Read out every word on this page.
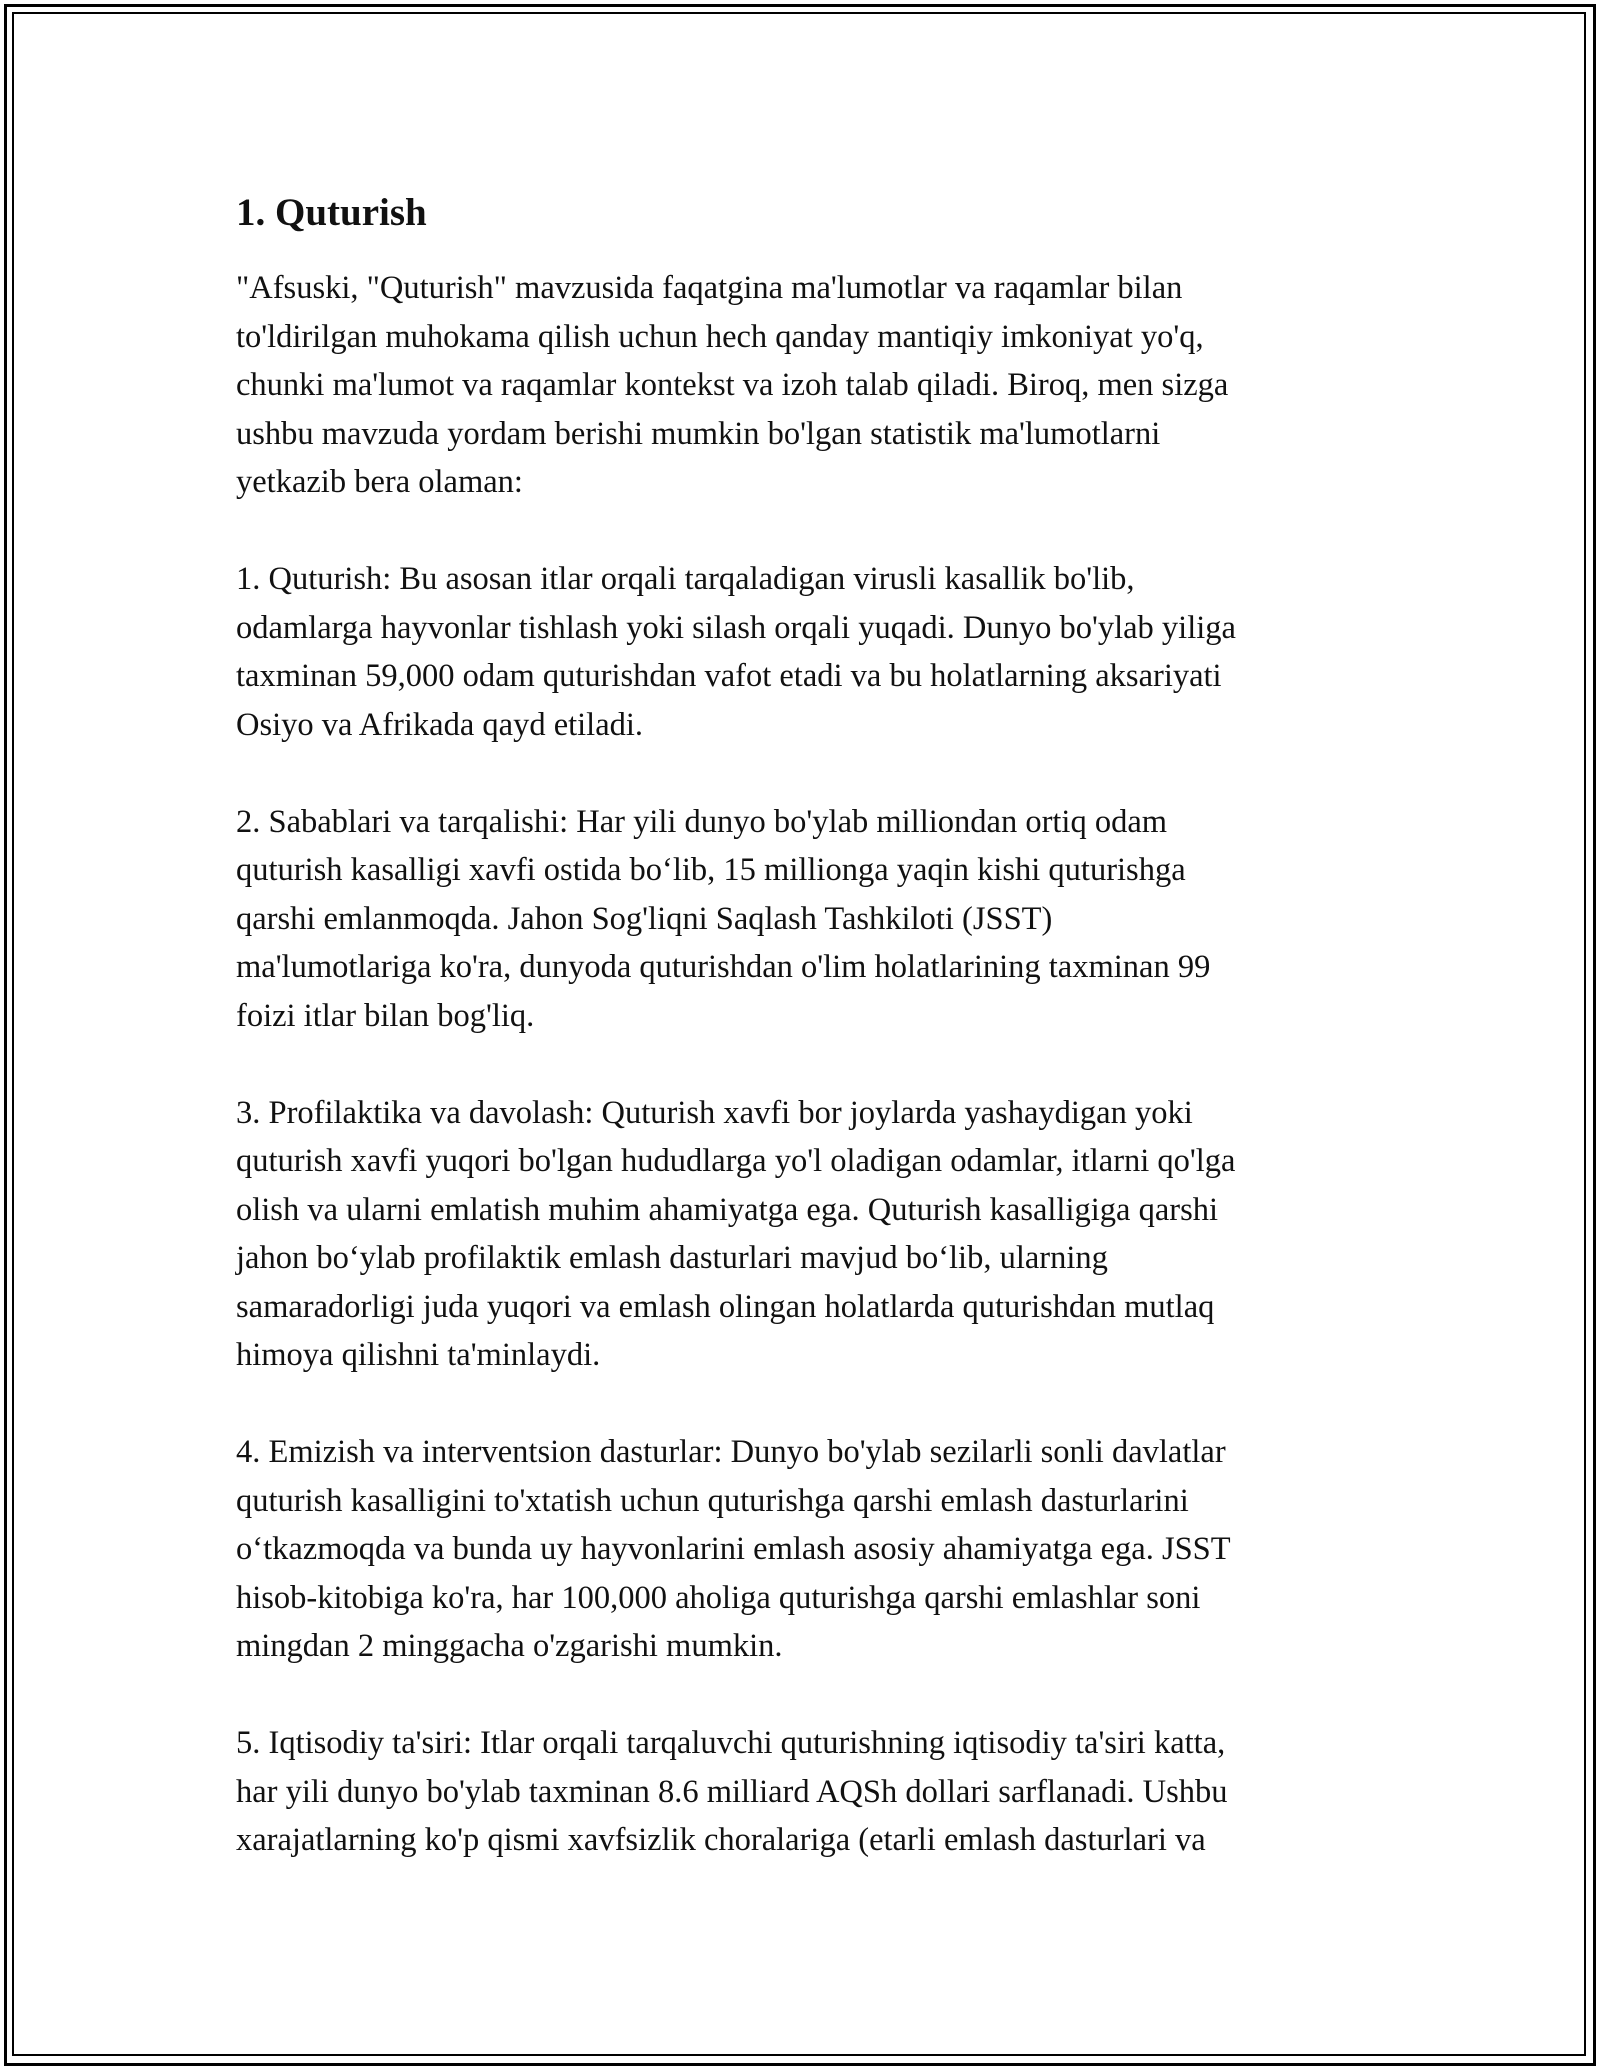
1. Quturish

"Afsuski, "Quturish" mavzusida faqatgina ma'lumotlar va raqamlar bilan
to'ldirilgan muhokama qilish uchun hech qanday mantiqiy imkoniyat yo'q,
chunki ma'lumot va raqamlar kontekst va izoh talab qiladi. Biroq, men sizga
ushbu mavzuda yordam berishi mumkin bo'lgan statistik ma'lumotlarni
yetkazib bera olaman:

1. Quturish: Bu asosan itlar orqali tarqaladigan virusli kasallik bo'lib,
odamlarga hayvonlar tishlash yoki silash orqali yuqadi. Dunyo bo'ylab yiliga
taxminan 59,000 odam quturishdan vafot etadi va bu holatlarning aksariyati
Osiyo va Afrikada qayd etiladi.

2. Sabablari va tarqalishi: Har yili dunyo bo'ylab milliondan ortiq odam
quturish kasalligi xavfi ostida bo‘lib, 15 millionga yaqin kishi quturishga
qarshi emlanmoqda. Jahon Sog'liqni Saqlash Tashkiloti (JSST)
ma'lumotlariga ko'ra, dunyoda quturishdan o'lim holatlarining taxminan 99
foizi itlar bilan bog'liq.

3. Profilaktika va davolash: Quturish xavfi bor joylarda yashaydigan yoki
quturish xavfi yuqori bo'lgan hududlarga yo'l oladigan odamlar, itlarni qo'lga
olish va ularni emlatish muhim ahamiyatga ega. Quturish kasalligiga qarshi
jahon bo‘ylab profilaktik emlash dasturlari mavjud bo‘lib, ularning
samaradorligi juda yuqori va emlash olingan holatlarda quturishdan mutlaq
himoya qilishni ta'minlaydi.

4. Emizish va interventsion dasturlar: Dunyo bo'ylab sezilarli sonli davlatlar
quturish kasalligini to'xtatish uchun quturishga qarshi emlash dasturlarini
o‘tkazmoqda va bunda uy hayvonlarini emlash asosiy ahamiyatga ega. JSST
hisob-kitobiga ko'ra, har 100,000 aholiga quturishga qarshi emlashlar soni
mingdan 2 minggacha o'zgarishi mumkin.

5. Iqtisodiy ta'siri: Itlar orqali tarqaluvchi quturishning iqtisodiy ta'siri katta,
har yili dunyo bo'ylab taxminan 8.6 milliard AQSh dollari sarflanadi. Ushbu
xarajatlarning ko'p qismi xavfsizlik choralariga (etarli emlash dasturlari va
